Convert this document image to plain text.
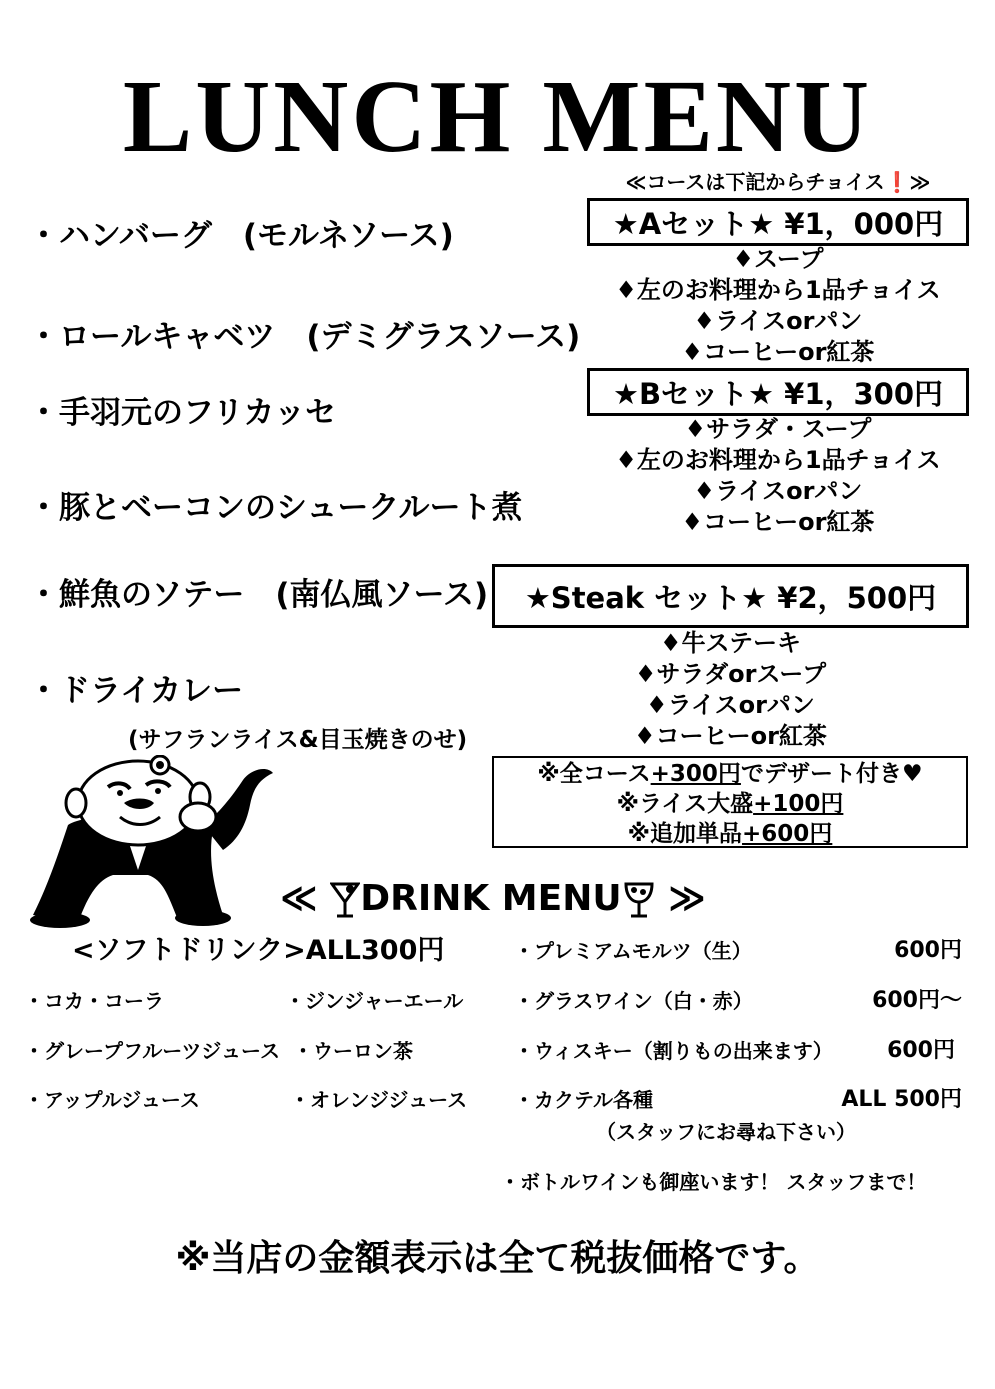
LUNCH MENU
・ハンバーグ　(モルネソース)
・ロールキャベツ　(デミグラスソース)
・手羽元のフリカッセ
・豚とベーコンのシュークルート煮
・鮮魚のソテー　(南仏風ソース)
・ドライカレー
(サフランライス&目玉焼きのせ)
≪コースは下記からチョイス❗≫
★Aセット★ ¥1，000円
♦スープ
♦左のお料理から1品チョイス
♦ライスorパン
♦コーヒーor紅茶
★Bセット★ ¥1，300円
♦サラダ・スープ
♦左のお料理から1品チョイス
♦ライスorパン
♦コーヒーor紅茶
★Steak セット★ ¥2，500円
♦牛ステーキ
♦サラダorスープ
♦ライスorパン
♦コーヒーor紅茶
※全コース+300円でデザート付き♥
※ライス大盛+100円
※追加単品+600円
≪ DRINK MENU ≫
<ソフトドリンク>ALL300円
・コカ・コーラ	・ジンジャーエール
・グレープフルーツジュース ・ウーロン茶
・アップルジュース	・オレンジジュース
・プレミアムモルツ（生）	600円
・グラスワイン（白・赤）	600円～
・ウィスキー（割りもの出来ます）	600円
・カクテル各種	ALL 500円
（スタッフにお尋ね下さい）
・ボトルワインも御座います！ スタッフまで！
※当店の金額表示は全て税抜価格です。
